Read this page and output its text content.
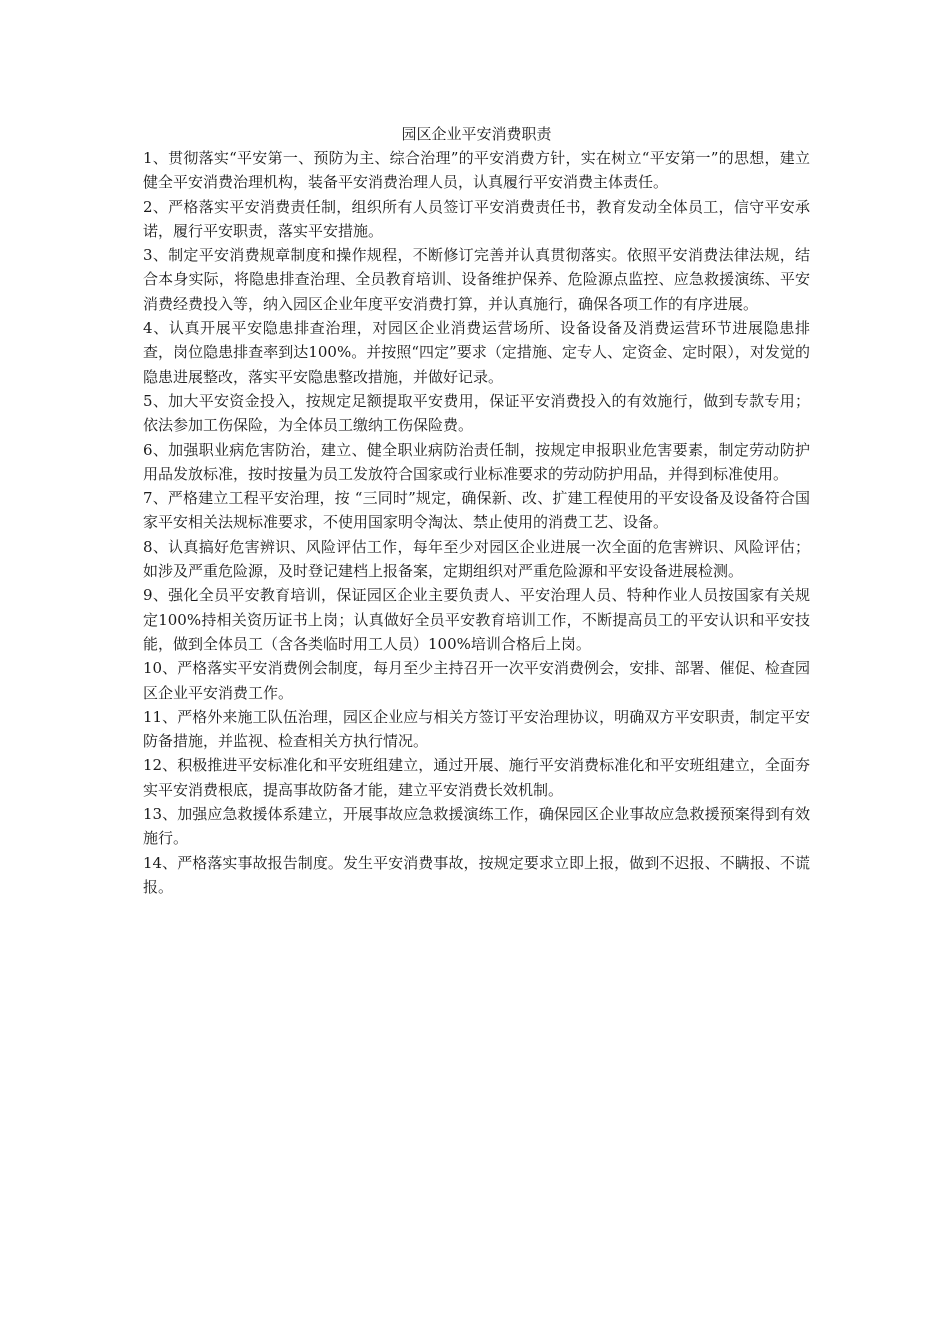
园区企业平安消费职责

1、贯彻落实“平安第一、预防为主、综合治理”的平安消费方针，实在树立“平安第一”的思想，建立健全平安消费治理机构，装备平安消费治理人员，认真履行平安消费主体责任。

2、严格落实平安消费责任制，组织所有人员签订平安消费责任书，教育发动全体员工，信守平安承诺，履行平安职责，落实平安措施。

3、制定平安消费规章制度和操作规程，不断修订完善并认真贯彻落实。依照平安消费法律法规，结合本身实际，将隐患排查治理、全员教育培训、设备维护保养、危险源点监控、应急救援演练、平安消费经费投入等，纳入园区企业年度平安消费打算，并认真施行，确保各项工作的有序进展。

4、认真开展平安隐患排查治理，对园区企业消费运营场所、设备设备及消费运营环节进展隐患排查，岗位隐患排查率到达100%。并按照“四定”要求（定措施、定专人、定资金、定时限），对发觉的隐患进展整改，落实平安隐患整改措施，并做好记录。

5、加大平安资金投入，按规定足额提取平安费用，保证平安消费投入的有效施行，做到专款专用；依法参加工伤保险，为全体员工缴纳工伤保险费。

6、加强职业病危害防治，建立、健全职业病防治责任制，按规定申报职业危害要素，制定劳动防护用品发放标准，按时按量为员工发放符合国家或行业标准要求的劳动防护用品，并得到标准使用。

7、严格建立工程平安治理，按 “三同时”规定，确保新、改、扩建工程使用的平安设备及设备符合国家平安相关法规标准要求，不使用国家明令淘汰、禁止使用的消费工艺、设备。

8、认真搞好危害辨识、风险评估工作，每年至少对园区企业进展一次全面的危害辨识、风险评估；如涉及严重危险源，及时登记建档上报备案，定期组织对严重危险源和平安设备进展检测。

9、强化全员平安教育培训，保证园区企业主要负责人、平安治理人员、特种作业人员按国家有关规定100%持相关资历证书上岗；认真做好全员平安教育培训工作，不断提高员工的平安认识和平安技能，做到全体员工（含各类临时用工人员）100%培训合格后上岗。

10、严格落实平安消费例会制度，每月至少主持召开一次平安消费例会，安排、部署、催促、检查园区企业平安消费工作。

11、严格外来施工队伍治理，园区企业应与相关方签订平安治理协议，明确双方平安职责，制定平安防备措施，并监视、检查相关方执行情况。

12、积极推进平安标准化和平安班组建立，通过开展、施行平安消费标准化和平安班组建立，全面夯实平安消费根底，提高事故防备才能，建立平安消费长效机制。

13、加强应急救援体系建立，开展事故应急救援演练工作，确保园区企业事故应急救援预案得到有效施行。

14、严格落实事故报告制度。发生平安消费事故，按规定要求立即上报，做到不迟报、不瞒报、不谎报。
